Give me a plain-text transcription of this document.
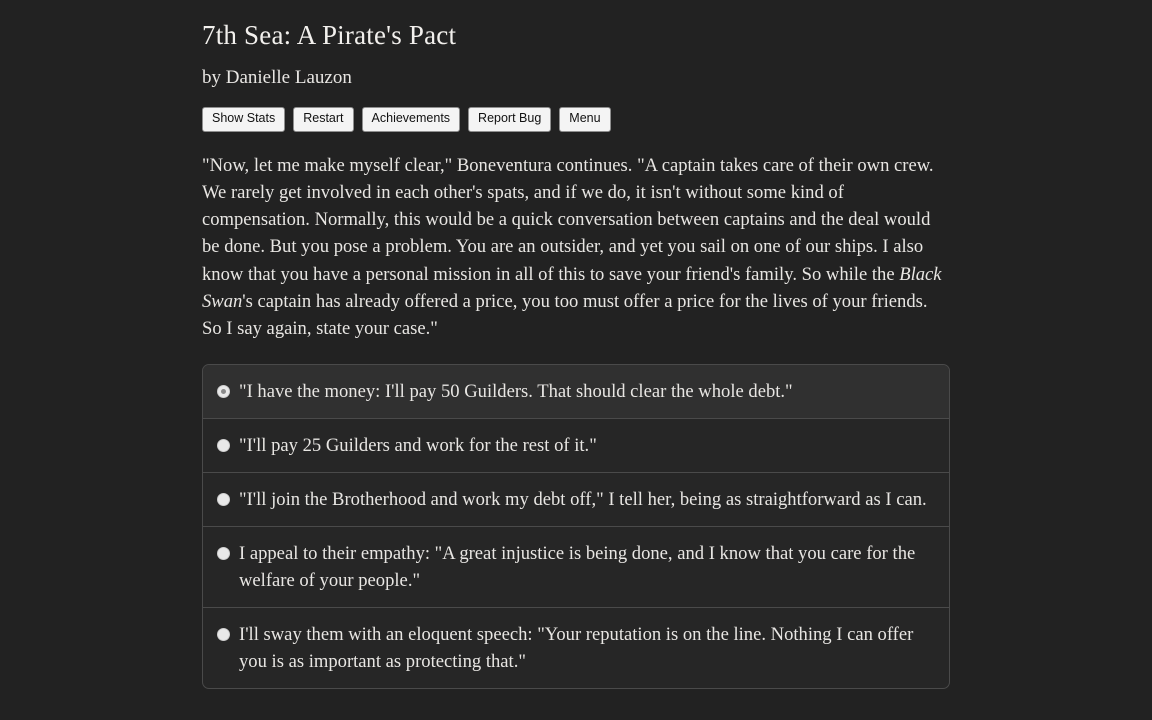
7th Sea: A Pirate's Pact
by Danielle Lauzon
Show Stats	Restart	Achievements	Report Bug	Menu

"Now, let me make myself clear," Boneventura continues. "A captain takes care of their own crew. We rarely get involved in each other's spats, and if we do, it isn't without some kind of compensation. Normally, this would be a quick conversation between captains and the deal would be done. But you pose a problem. You are an outsider, and yet you sail on one of our ships. I also know that you have a personal mission in all of this to save your friend's family. So while the Black Swan's captain has already offered a price, you too must offer a price for the lives of your friends. So I say again, state your case."

"I have the money: I'll pay 50 Guilders. That should clear the whole debt."
"I'll pay 25 Guilders and work for the rest of it."
"I'll join the Brotherhood and work my debt off," I tell her, being as straightforward as I can.
I appeal to their empathy: "A great injustice is being done, and I know that you care for the welfare of your people."
I'll sway them with an eloquent speech: "Your reputation is on the line. Nothing I can offer you is as important as protecting that."
